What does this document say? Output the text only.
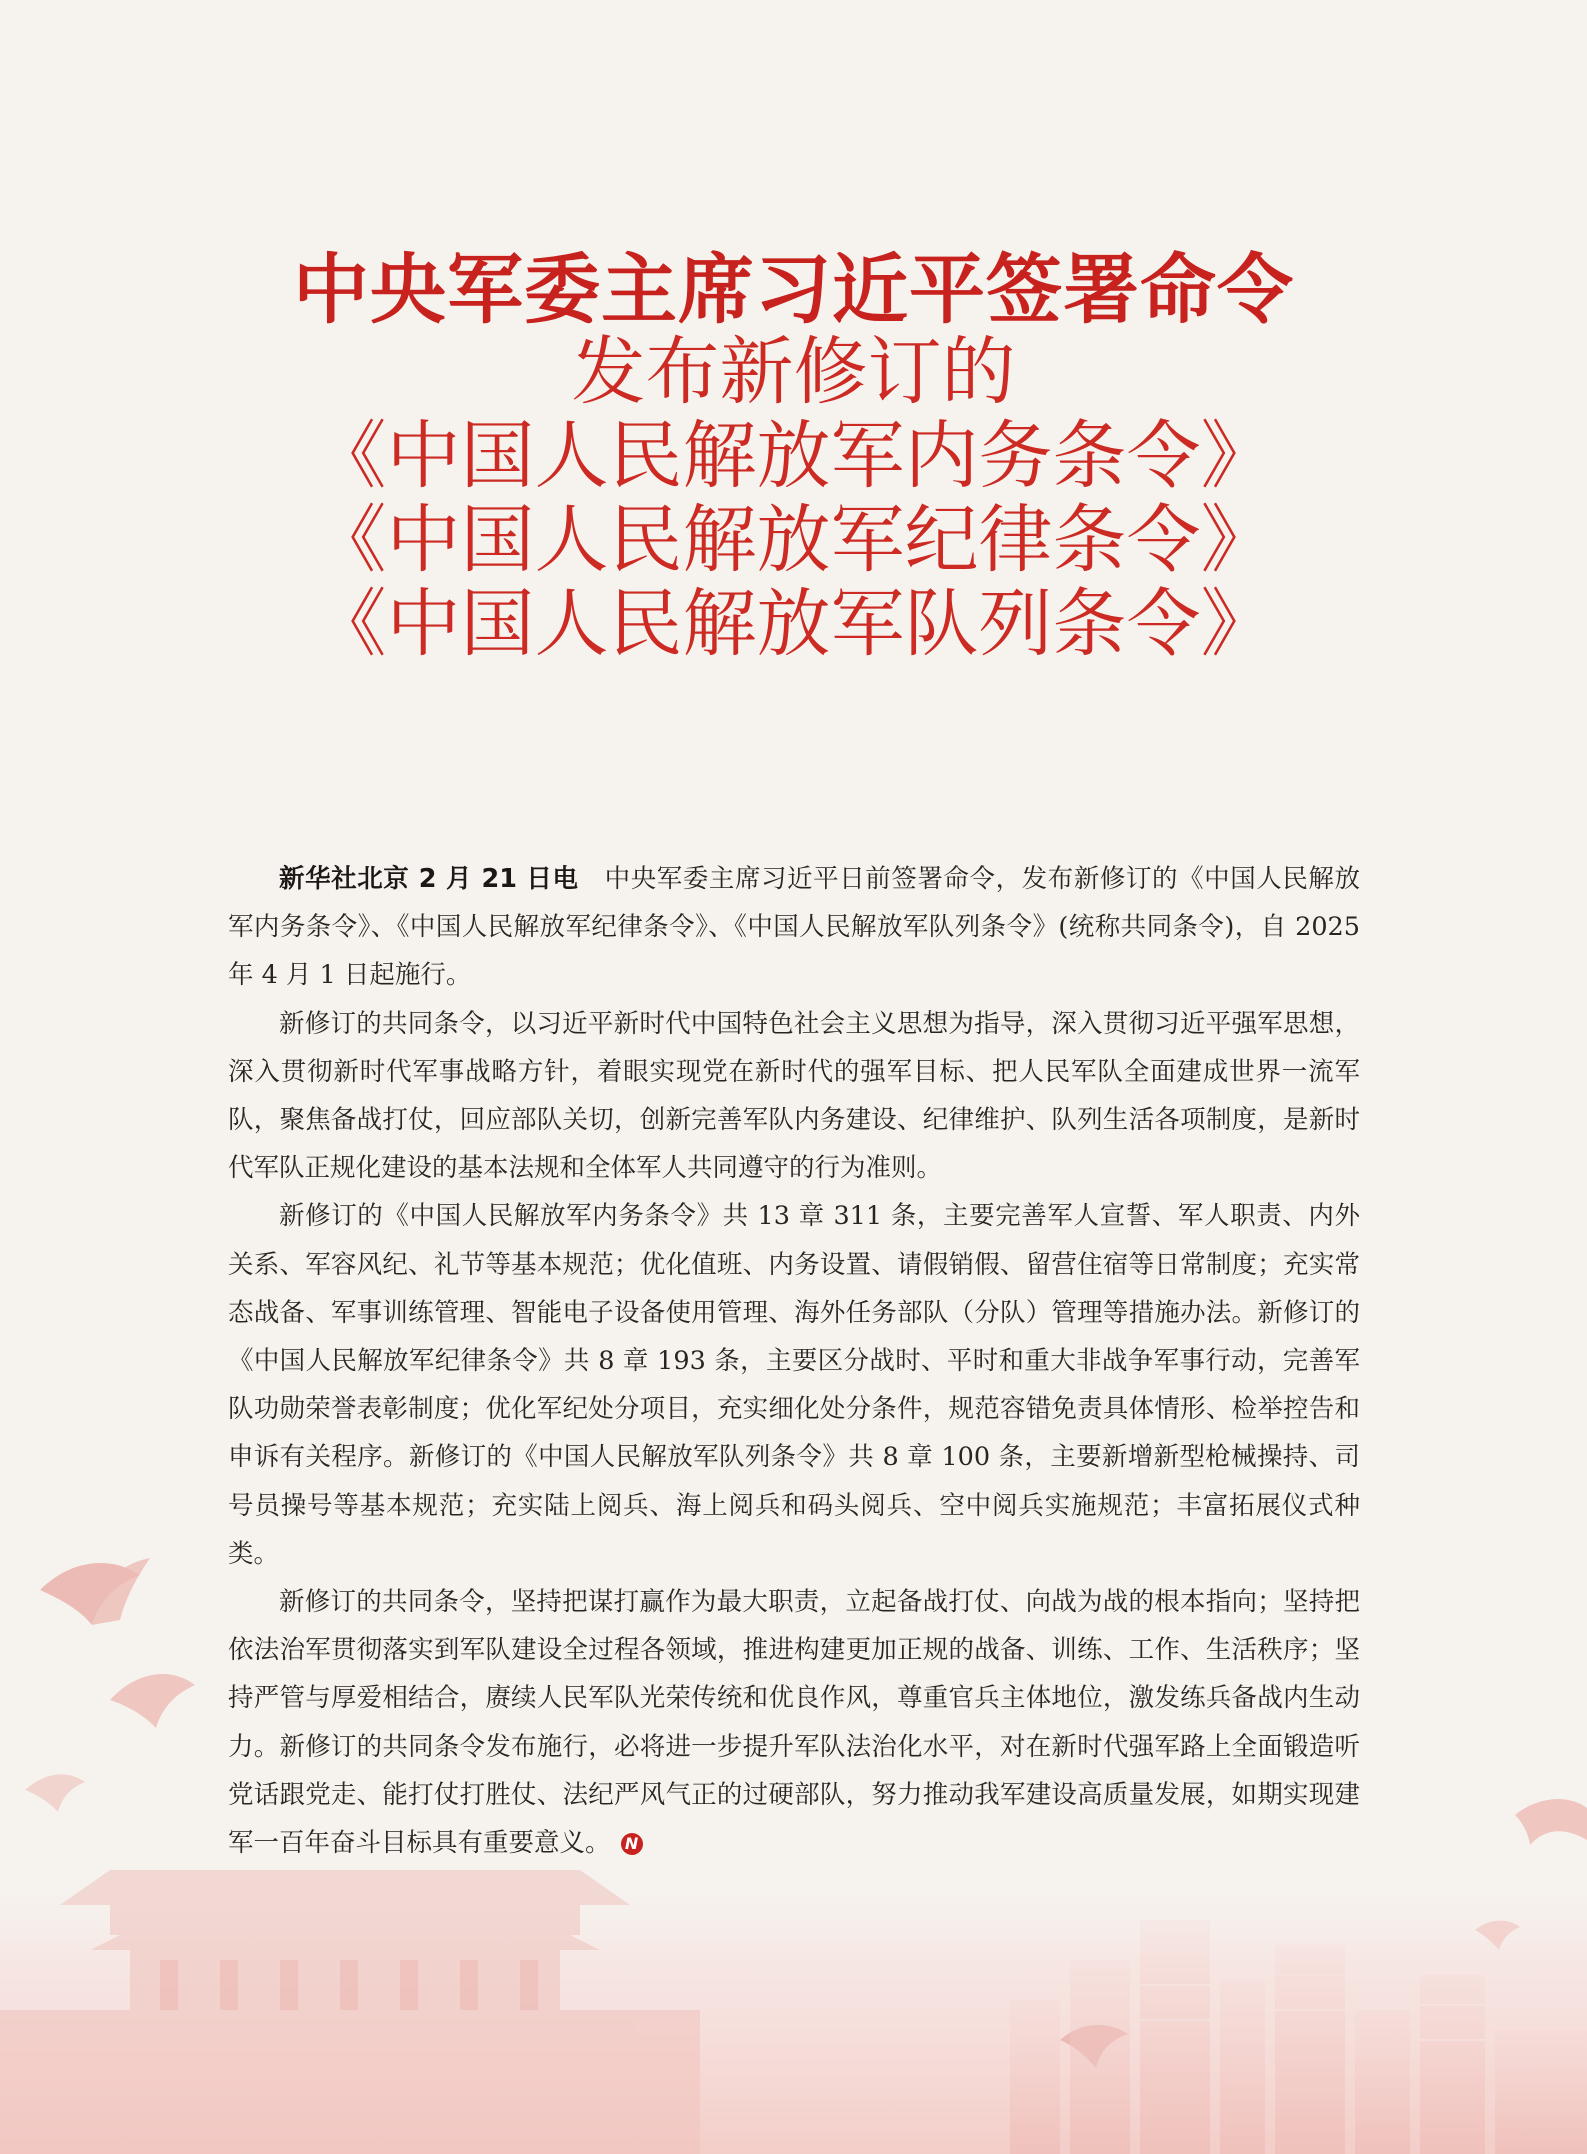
中央军委主席习近平签署命令
发布新修订的
《中国人民解放军内务条令》
《中国人民解放军纪律条令》
《中国人民解放军队列条令》

新华社北京 2 月 21 日电　 中央军委主席习近平日前签署命令，发布新修订的《中国人民解放军内务条令》、《中国人民解放军纪律条令》、《中国人民解放军队列条令》(统称共同条令)，自 2025 年 4 月 1 日起施行。

新修订的共同条令，以习近平新时代中国特色社会主义思想为指导，深入贯彻习近平强军思想，深入贯彻新时代军事战略方针，着眼实现党在新时代的强军目标、把人民军队全面建成世界一流军队，聚焦备战打仗，回应部队关切，创新完善军队内务建设、纪律维护、队列生活各项制度，是新时代军队正规化建设的基本法规和全体军人共同遵守的行为准则。

新修订的《中国人民解放军内务条令》共 13 章 311 条，主要完善军人宣誓、军人职责、内外关系、军容风纪、礼节等基本规范；优化值班、内务设置、请假销假、留营住宿等日常制度；充实常态战备、军事训练管理、智能电子设备使用管理、海外任务部队（分队）管理等措施办法。新修订的《中国人民解放军纪律条令》共 8 章 193 条，主要区分战时、平时和重大非战争军事行动，完善军队功勋荣誉表彰制度；优化军纪处分项目，充实细化处分条件，规范容错免责具体情形、检举控告和申诉有关程序。新修订的《中国人民解放军队列条令》共 8 章 100 条，主要新增新型枪械操持、司号员操号等基本规范；充实陆上阅兵、海上阅兵和码头阅兵、空中阅兵实施规范；丰富拓展仪式种类。

新修订的共同条令，坚持把谋打赢作为最大职责，立起备战打仗、向战为战的根本指向；坚持把依法治军贯彻落实到军队建设全过程各领域，推进构建更加正规的战备、训练、工作、生活秩序；坚持严管与厚爱相结合，赓续人民军队光荣传统和优良作风，尊重官兵主体地位，激发练兵备战内生动力。新修订的共同条令发布施行，必将进一步提升军队法治化水平，对在新时代强军路上全面锻造听党话跟党走、能打仗打胜仗、法纪严风气正的过硬部队，努力推动我军建设高质量发展，如期实现建军一百年奋斗目标具有重要意义。 N
